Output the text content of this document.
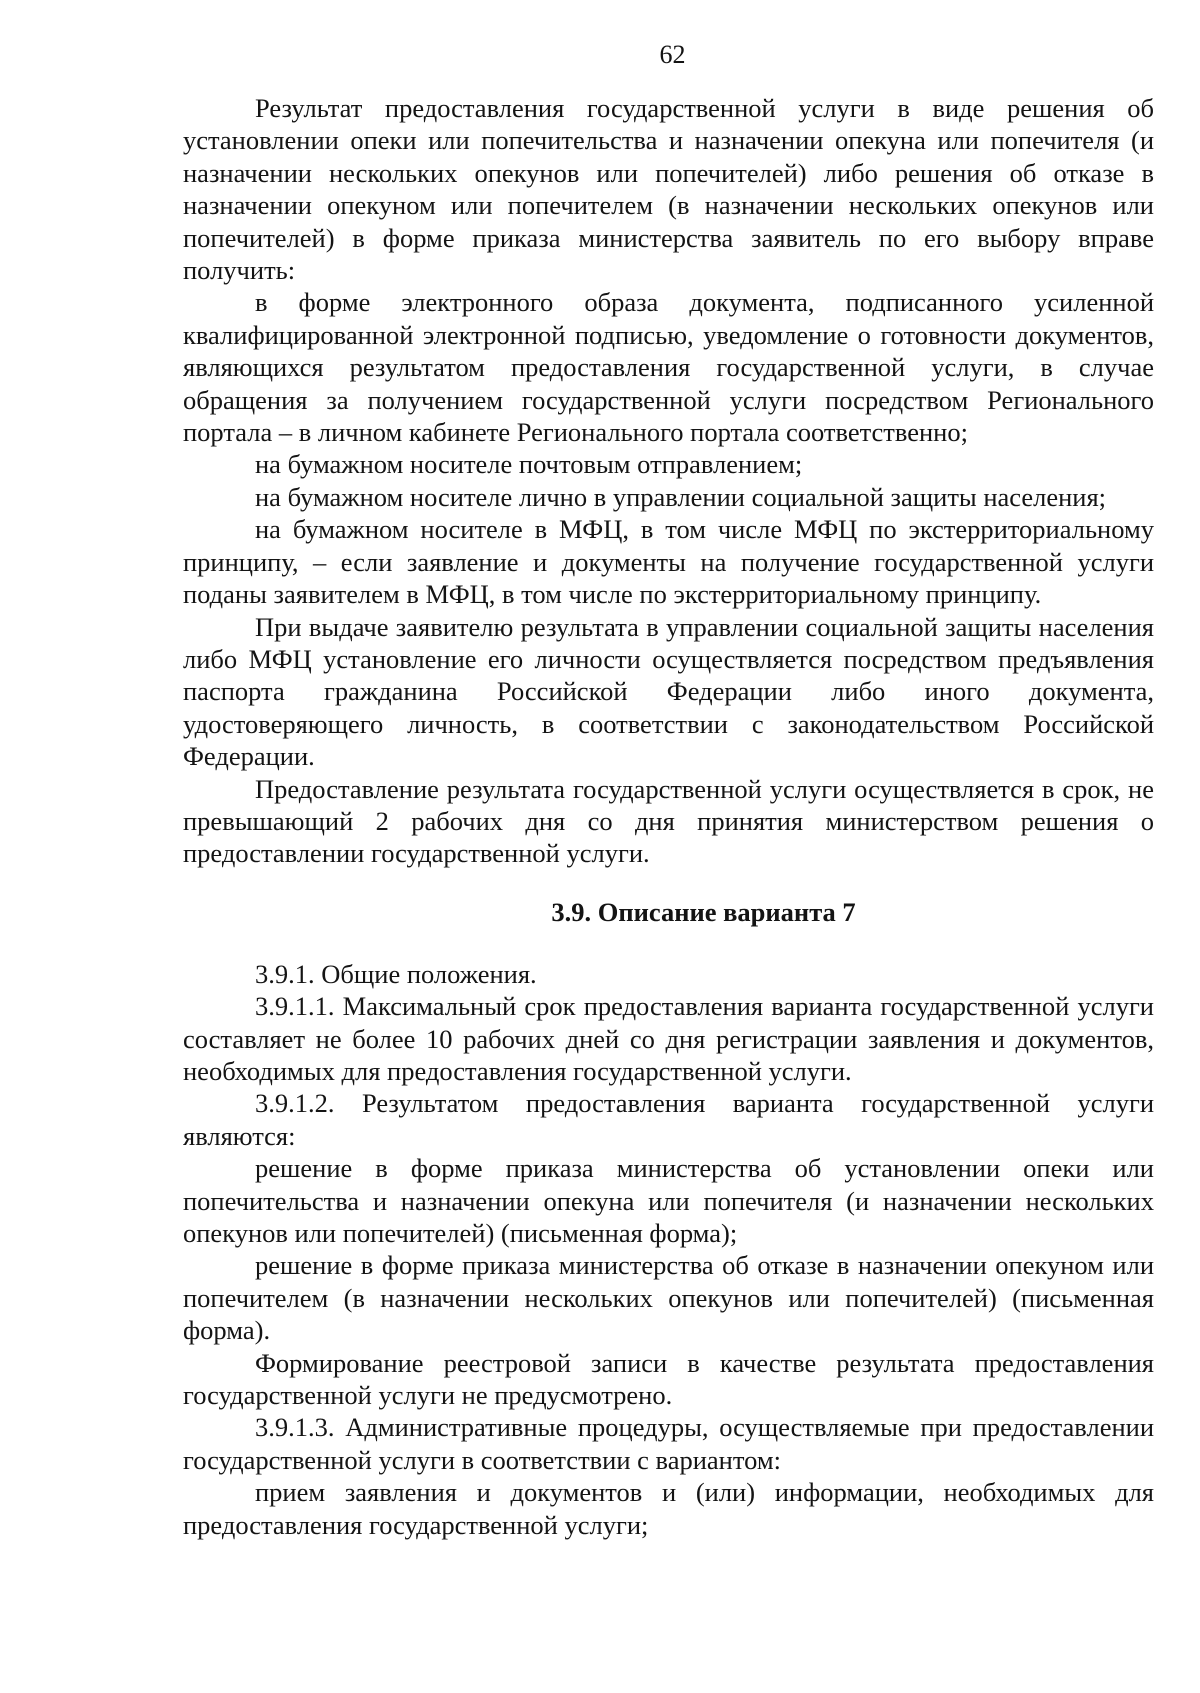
62

Результат предоставления государственной услуги в виде решения об установлении опеки или попечительства и назначении опекуна или попечителя (и назначении нескольких опекунов или попечителей) либо решения об отказе в назначении опекуном или попечителем (в назначении нескольких опекунов или попечителей) в форме приказа министерства заявитель по его выбору вправе получить:

в форме электронного образа документа, подписанного усиленной квалифицированной электронной подписью, уведомление о готовности документов, являющихся результатом предоставления государственной услуги, в случае обращения за получением государственной услуги посредством Регионального портала – в личном кабинете Регионального портала соответственно;

на бумажном носителе почтовым отправлением;

на бумажном носителе лично в управлении социальной защиты населения;

на бумажном носителе в МФЦ, в том числе МФЦ по экстерриториальному принципу, – если заявление и документы на получение государственной услуги поданы заявителем в МФЦ, в том числе по экстерриториальному принципу.

При выдаче заявителю результата в управлении социальной защиты населения либо МФЦ установление его личности осуществляется посредством предъявления паспорта гражданина Российской Федерации либо иного документа, удостоверяющего личность, в соответствии с законодательством Российской Федерации.

Предоставление результата государственной услуги осуществляется в срок, не превышающий 2 рабочих дня со дня принятия министерством решения о предоставлении государственной услуги.

3.9. Описание варианта 7

3.9.1. Общие положения.

3.9.1.1. Максимальный срок предоставления варианта государственной услуги составляет не более 10 рабочих дней со дня регистрации заявления и документов, необходимых для предоставления государственной услуги.

3.9.1.2. Результатом предоставления варианта государственной услуги являются:

решение в форме приказа министерства об установлении опеки или попечительства и назначении опекуна или попечителя (и назначении нескольких опекунов или попечителей) (письменная форма);

решение в форме приказа министерства об отказе в назначении опекуном или попечителем (в назначении нескольких опекунов или попечителей) (письменная форма).

Формирование реестровой записи в качестве результата предоставления государственной услуги не предусмотрено.

3.9.1.3. Административные процедуры, осуществляемые при предоставлении государственной услуги в соответствии с вариантом:

прием заявления и документов и (или) информации, необходимых для предоставления государственной услуги;
